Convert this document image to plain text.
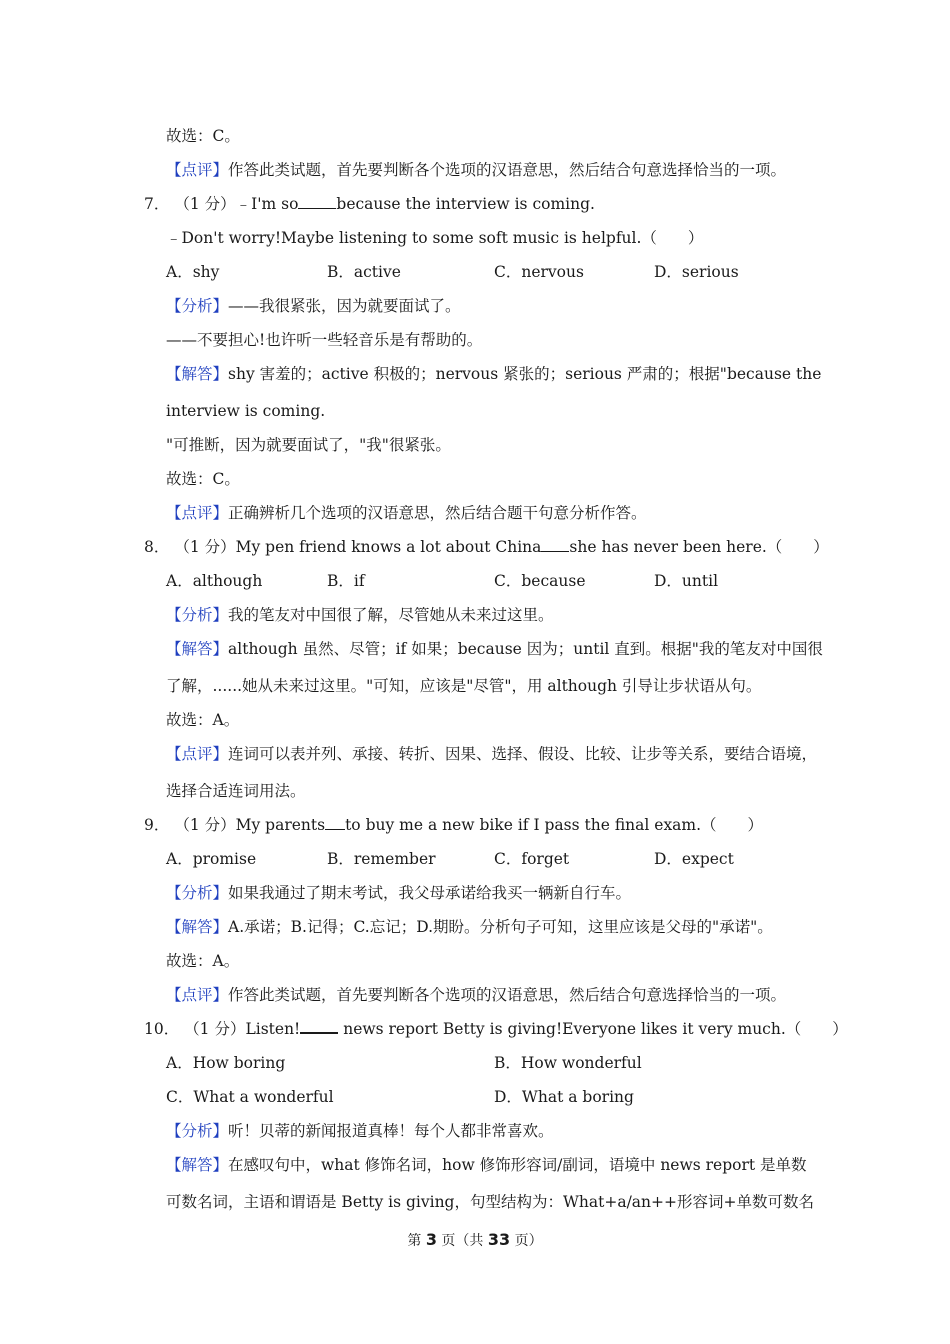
故选：C。
【点评】作答此类试题，首先要判断各个选项的汉语意思，然后结合句意选择恰当的一项。
7． （1 分）﹣I'm so because the interview is coming.
﹣Don't worry!Maybe listening to some soft music is helpful.（　　）
A．shy	B．active	C．nervous	D．serious
【分析】——我很紧张，因为就要面试了。
——不要担心!也许听一些轻音乐是有帮助的。
【解答】shy 害羞的；active 积极的；nervous 紧张的；serious 严肃的；根据"because the
interview is coming.
"可推断，因为就要面试了，"我"很紧张。
故选：C。
【点评】正确辨析几个选项的汉语意思，然后结合题干句意分析作答。
8． （1 分）My pen friend knows a lot about China she has never been here.（　　）
A．although	B．if	C．because	D．until
【分析】我的笔友对中国很了解，尽管她从未来过这里。
【解答】although 虽然、尽管；if 如果；because 因为；until 直到。根据"我的笔友对中国很
了解，......她从未来过这里。"可知，应该是"尽管"，用 although 引导让步状语从句。
故选：A。
【点评】连词可以表并列、承接、转折、因果、选择、假设、比较、让步等关系，要结合语境，
选择合适连词用法。
9． （1 分）My parents to buy me a new bike if I pass the final exam.（　　）
A．promise	B．remember	C．forget	D．expect
【分析】如果我通过了期末考试，我父母承诺给我买一辆新自行车。
【解答】A.承诺；B.记得；C.忘记；D.期盼。分析句子可知，这里应该是父母的"承诺"。
故选：A。
【点评】作答此类试题，首先要判断各个选项的汉语意思，然后结合句意选择恰当的一项。
10． （1 分）Listen! news report Betty is giving!Everyone likes it very much.（　　）
A．How boring	B．How wonderful
C．What a wonderful	D．What a boring
【分析】听！贝蒂的新闻报道真棒！每个人都非常喜欢。
【解答】在感叹句中，what 修饰名词，how 修饰形容词/副词，语境中 news report 是单数
可数名词，主语和谓语是 Betty is giving，句型结构为：What+a/an++形容词+单数可数名
第 3 页（共 33 页）
